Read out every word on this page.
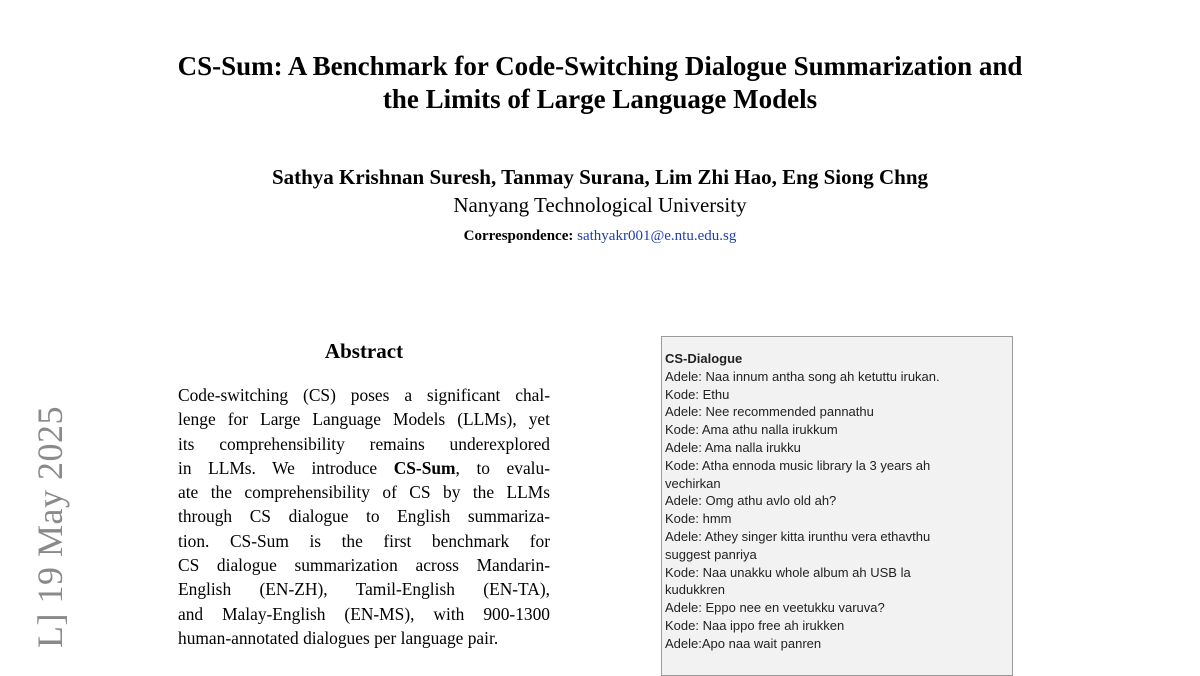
CS-Sum: A Benchmark for Code-Switching Dialogue Summarization and
the Limits of Large Language Models
Sathya Krishnan Suresh, Tanmay Surana, Lim Zhi Hao, Eng Siong Chng
Nanyang Technological University
Correspondence: sathyakr001@e.ntu.edu.sg
L] 19 May 2025
Abstract
Code-switching (CS) poses a significant chal-
lenge for Large Language Models (LLMs), yet
its comprehensibility remains underexplored
in LLMs. We introduce CS-Sum, to evalu-
ate the comprehensibility of CS by the LLMs
through CS dialogue to English summariza-
tion. CS-Sum is the first benchmark for
CS dialogue summarization across Mandarin-
English (EN-ZH), Tamil-English (EN-TA),
and Malay-English (EN-MS), with 900-1300
human-annotated dialogues per language pair.
CS-Dialogue
Adele: Naa innum antha song ah ketuttu irukan.
Kode: Ethu
Adele: Nee recommended pannathu
Kode: Ama athu nalla irukkum
Adele: Ama nalla irukku
Kode: Atha ennoda music library la 3 years ah
vechirkan
Adele: Omg athu avlo old ah?
Kode: hmm
Adele: Athey singer kitta irunthu vera ethavthu
suggest panriya
Kode: Naa unakku whole album ah USB la
kudukkren
Adele: Eppo nee en veetukku varuva?
Kode: Naa ippo free ah irukken
Adele:Apo naa wait panren
